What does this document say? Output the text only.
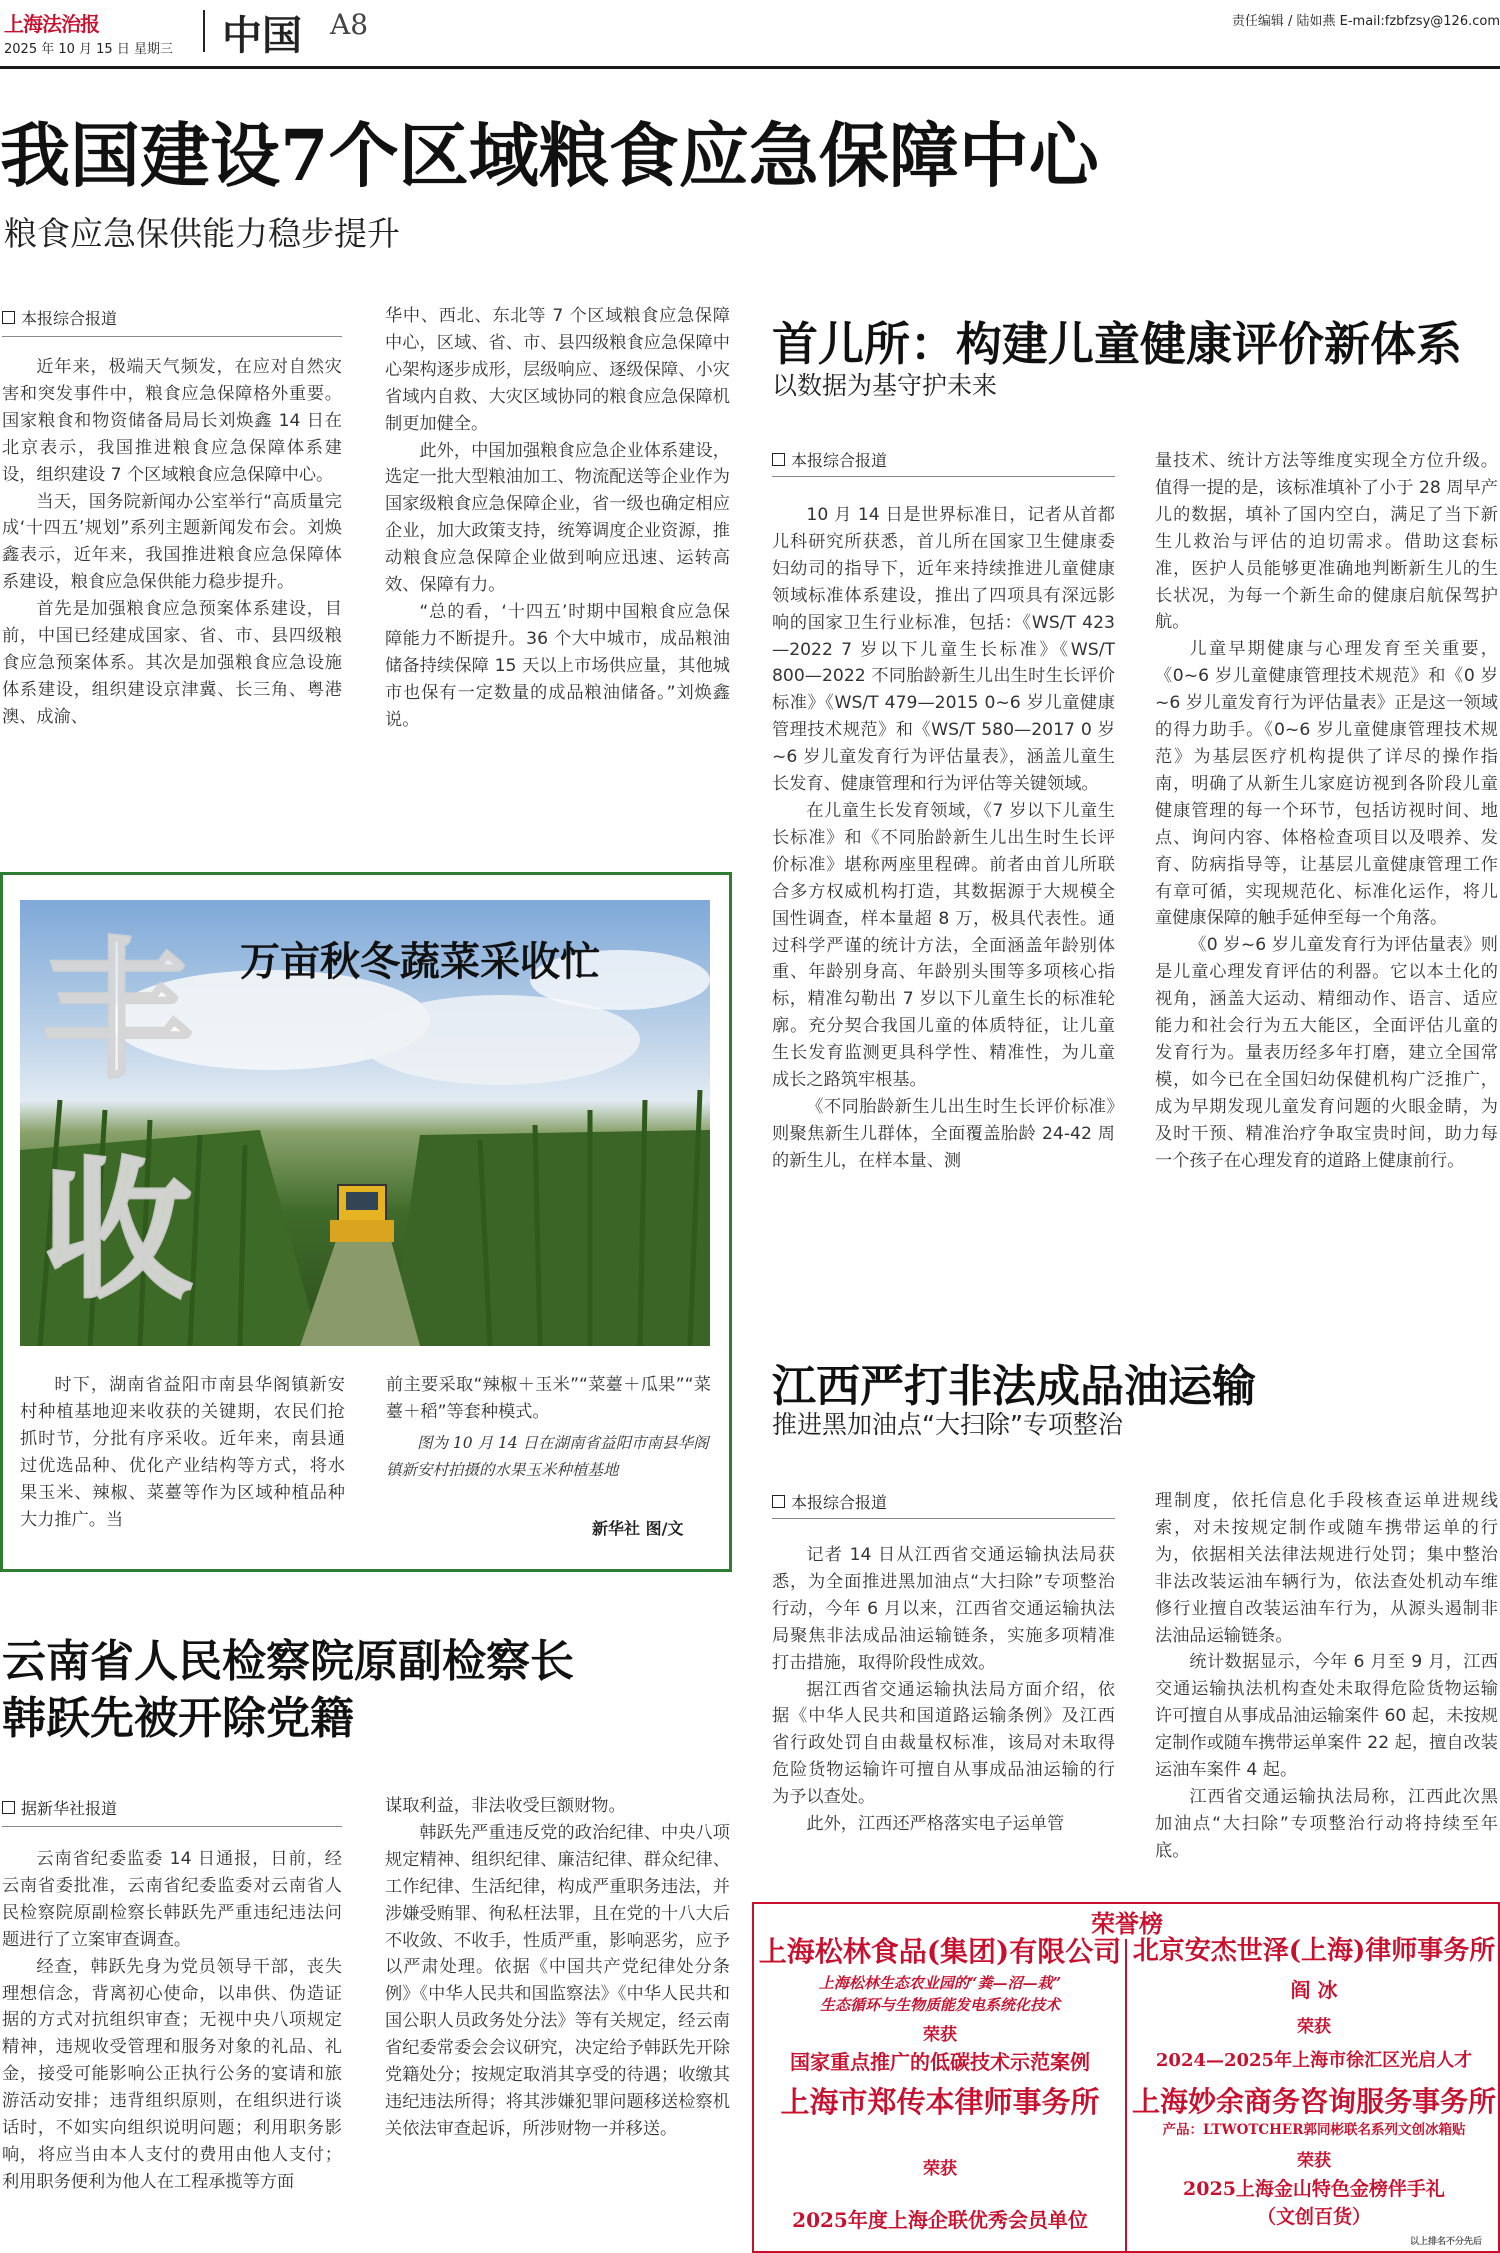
上海法治报
2025 年 10 月 15 日 星期三 中国 A8	责任编辑 / 陆如燕 E-mail:fzbfzsy@126.com
我国建设7个区域粮食应急保障中心
粮食应急保供能力稳步提升
本报综合报道

近年来，极端天气频发，在应对自然灾害和突发事件中，粮食应急保障格外重要。国家粮食和物资储备局局长刘焕鑫 14 日在北京表示，我国推进粮食应急保障体系建设，组织建设 7 个区域粮食应急保障中心。

当天，国务院新闻办公室举行“高质量完成‘十四五’规划”系列主题新闻发布会。刘焕鑫表示，近年来，我国推进粮食应急保障体系建设，粮食应急保供能力稳步提升。

首先是加强粮食应急预案体系建设，目前，中国已经建成国家、省、市、县四级粮食应急预案体系。其次是加强粮食应急设施体系建设，组织建设京津冀、长三角、粤港澳、成渝、

华中、西北、东北等 7 个区域粮食应急保障中心，区域、省、市、县四级粮食应急保障中心架构逐步成形，层级响应、逐级保障、小灾省域内自救、大灾区域协同的粮食应急保障机制更加健全。

此外，中国加强粮食应急企业体系建设，选定一批大型粮油加工、物流配送等企业作为国家级粮食应急保障企业，省一级也确定相应企业，加大政策支持，统筹调度企业资源，推动粮食应急保障企业做到响应迅速、运转高效、保障有力。

“总的看，‘十四五’时期中国粮食应急保障能力不断提升。36 个大中城市，成品粮油储备持续保障 15 天以上市场供应量，其他城市也保有一定数量的成品粮油储备。”刘焕鑫说。

万亩秋冬蔬菜采收忙
丰
收

时下，湖南省益阳市南县华阁镇新安村种植基地迎来收获的关键期，农民们抢抓时节，分批有序采收。近年来，南县通过优选品种、优化产业结构等方式，将水果玉米、辣椒、菜薹等作为区域种植品种大力推广。当

前主要采取“辣椒＋玉米”“菜薹＋瓜果”“菜薹＋稻”等套种模式。

图为 10 月 14 日在湖南省益阳市南县华阁镇新安村拍摄的水果玉米种植基地
新华社 图/文
云南省人民检察院原副检察长
韩跃先被开除党籍
据新华社报道

云南省纪委监委 14 日通报，日前，经云南省委批准，云南省纪委监委对云南省人民检察院原副检察长韩跃先严重违纪违法问题进行了立案审查调查。

经查，韩跃先身为党员领导干部，丧失理想信念，背离初心使命，以串供、伪造证据的方式对抗组织审查；无视中央八项规定精神，违规收受管理和服务对象的礼品、礼金，接受可能影响公正执行公务的宴请和旅游活动安排；违背组织原则，在组织进行谈话时，不如实向组织说明问题；利用职务影响，将应当由本人支付的费用由他人支付；利用职务便利为他人在工程承揽等方面

谋取利益，非法收受巨额财物。

韩跃先严重违反党的政治纪律、中央八项规定精神、组织纪律、廉洁纪律、群众纪律、工作纪律、生活纪律，构成严重职务违法，并涉嫌受贿罪、徇私枉法罪，且在党的十八大后不收敛、不收手，性质严重，影响恶劣，应予以严肃处理。依据《中国共产党纪律处分条例》《中华人民共和国监察法》《中华人民共和国公职人员政务处分法》等有关规定，经云南省纪委常委会会议研究，决定给予韩跃先开除党籍处分；按规定取消其享受的待遇；收缴其违纪违法所得；将其涉嫌犯罪问题移送检察机关依法审查起诉，所涉财物一并移送。

首儿所：构建儿童健康评价新体系
以数据为基守护未来
本报综合报道

10 月 14 日是世界标准日，记者从首都儿科研究所获悉，首儿所在国家卫生健康委妇幼司的指导下，近年来持续推进儿童健康领域标准体系建设，推出了四项具有深远影响的国家卫生行业标准，包括：《WS/T 423—2022 7 岁以下儿童生长标准》《WS/T 800—2022 不同胎龄新生儿出生时生长评价标准》《WS/T 479—2015 0~6 岁儿童健康管理技术规范》和《WS/T 580—2017 0 岁~6 岁儿童发育行为评估量表》，涵盖儿童生长发育、健康管理和行为评估等关键领域。

在儿童生长发育领域，《7 岁以下儿童生长标准》和《不同胎龄新生儿出生时生长评价标准》堪称两座里程碑。前者由首儿所联合多方权威机构打造，其数据源于大规模全国性调查，样本量超 8 万，极具代表性。通过科学严谨的统计方法，全面涵盖年龄别体重、年龄别身高、年龄别头围等多项核心指标，精准勾勒出 7 岁以下儿童生长的标准轮廓。充分契合我国儿童的体质特征，让儿童生长发育监测更具科学性、精准性，为儿童成长之路筑牢根基。

《不同胎龄新生儿出生时生长评价标准》则聚焦新生儿群体，全面覆盖胎龄 24-42 周的新生儿，在样本量、测

量技术、统计方法等维度实现全方位升级。值得一提的是，该标准填补了小于 28 周早产儿的数据，填补了国内空白，满足了当下新生儿救治与评估的迫切需求。借助这套标准，医护人员能够更准确地判断新生儿的生长状况，为每一个新生命的健康启航保驾护航。

儿童早期健康与心理发育至关重要，《0~6 岁儿童健康管理技术规范》和《0 岁~6 岁儿童发育行为评估量表》正是这一领域的得力助手。《0~6 岁儿童健康管理技术规范》为基层医疗机构提供了详尽的操作指南，明确了从新生儿家庭访视到各阶段儿童健康管理的每一个环节，包括访视时间、地点、询问内容、体格检查项目以及喂养、发育、防病指导等，让基层儿童健康管理工作有章可循，实现规范化、标准化运作，将儿童健康保障的触手延伸至每一个角落。

《0 岁~6 岁儿童发育行为评估量表》则是儿童心理发育评估的利器。它以本土化的视角，涵盖大运动、精细动作、语言、适应能力和社会行为五大能区，全面评估儿童的发育行为。量表历经多年打磨，建立全国常模，如今已在全国妇幼保健机构广泛推广，成为早期发现儿童发育问题的火眼金睛，为及时干预、精准治疗争取宝贵时间，助力每一个孩子在心理发育的道路上健康前行。

江西严打非法成品油运输
推进黑加油点“大扫除”专项整治
本报综合报道

记者 14 日从江西省交通运输执法局获悉，为全面推进黑加油点“大扫除”专项整治行动，今年 6 月以来，江西省交通运输执法局聚焦非法成品油运输链条，实施多项精准打击措施，取得阶段性成效。

据江西省交通运输执法局方面介绍，依据《中华人民共和国道路运输条例》及江西省行政处罚自由裁量权标准，该局对未取得危险货物运输许可擅自从事成品油运输的行为予以查处。

此外，江西还严格落实电子运单管

理制度，依托信息化手段核查运单进规线索，对未按规定制作或随车携带运单的行为，依据相关法律法规进行处罚；集中整治非法改装运油车辆行为，依法查处机动车维修行业擅自改装运油车行为，从源头遏制非法油品运输链条。

统计数据显示，今年 6 月至 9 月，江西交通运输执法机构查处未取得危险货物运输许可擅自从事成品油运输案件 60 起，未按规定制作或随车携带运单案件 22 起，擅自改装运油车案件 4 起。

江西省交通运输执法局称，江西此次黑加油点“大扫除”专项整治行动将持续至年底。

荣誉榜
上海松林食品(集团)有限公司
上海松林生态农业园的“粪—沼—栽”
生态循环与生物质能发电系统化技术
荣获
国家重点推广的低碳技术示范案例
北京安杰世泽(上海)律师事务所
阎 冰
荣获
2024—2025年上海市徐汇区光启人才
上海市郑传本律师事务所
荣获
2025年度上海企联优秀会员单位
上海妙余商务咨询服务事务所
产品：LTWOTCHER郭同彬联名系列文创冰箱贴
荣获
2025上海金山特色金榜伴手礼
（文创百货）
以上排名不分先后
